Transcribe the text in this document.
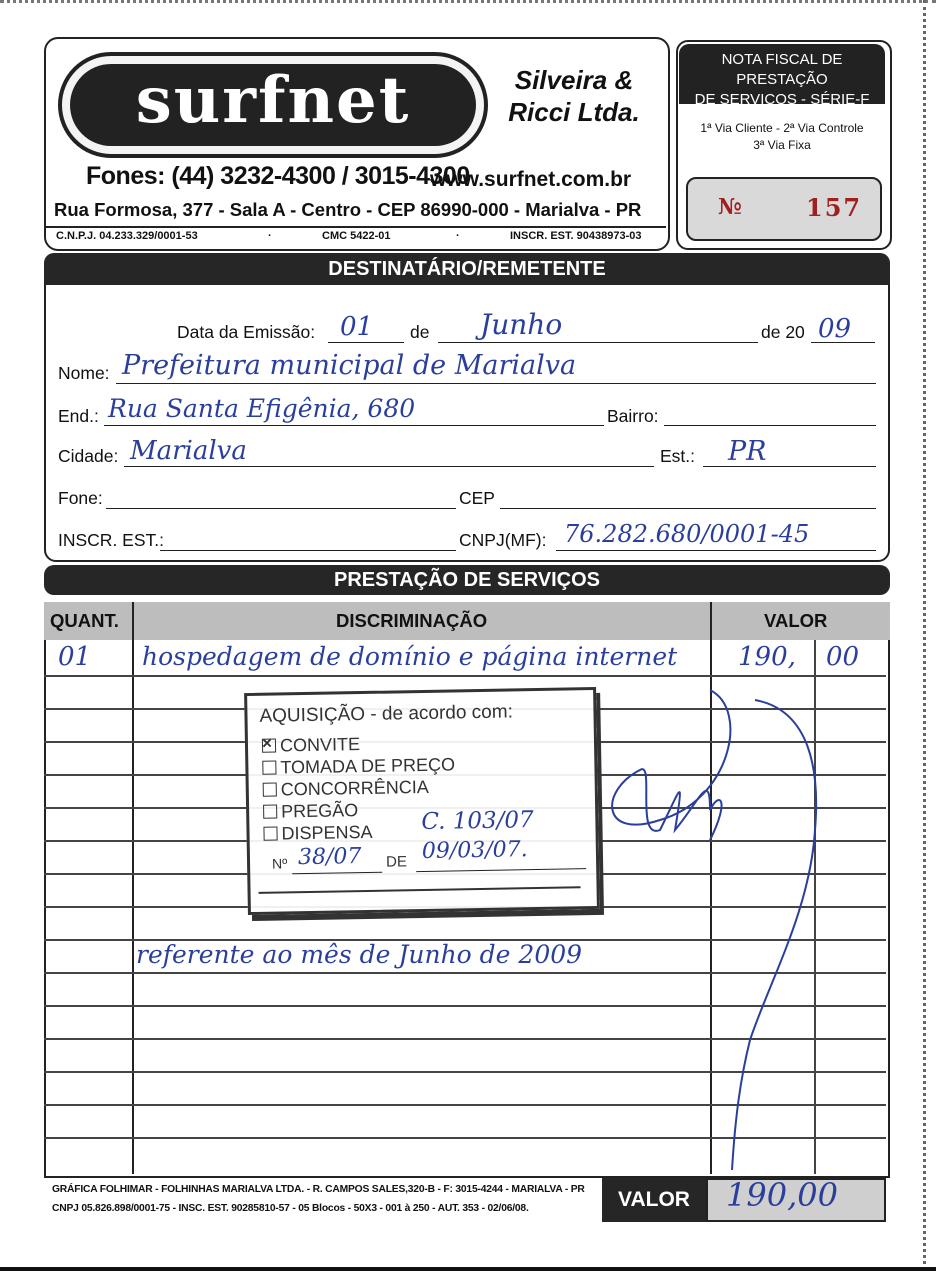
surfnet	Silveira &
Ricci Ltda.
Fones: (44) 3232-4300 / 3015-4300
www.surfnet.com.br
Rua Formosa, 377 - Sala A - Centro - CEP 86990-000 - Marialva - PR
C.N.P.J. 04.233.329/0001-53	·	CMC 5422-01	·	INSCR. EST. 90438973-03
NOTA FISCAL DE PRESTAÇÃO
DE SERVIÇOS - SÉRIE-F
1ª Via Cliente - 2ª Via Controle
3ª Via Fixa
№	157
DESTINATÁRIO/REMETENTE
Data da Emissão: 01 de Junho	de 20 09
Nome: Prefeitura municipal de Marialva
End.: Rua Santa Efigênia, 680	Bairro:
Cidade: Marialva	Est.: PR
Fone:	CEP
INSCR. EST.:	CNPJ(MF): 76.282.680/0001-45
PRESTAÇÃO DE SERVIÇOS
QUANT.	DISCRIMINAÇÃO	VALOR
01 hospedagem de domínio e página internet 190, 00
referente ao mês de Junho de 2009
AQUISIÇÃO - de acordo com:
×CONVITE
TOMADA DE PREÇO
CONCORRÊNCIA
PREGÃO
DISPENSA C. 103/07
Nº 38/07 DE 09/03/07.
GRÁFICA FOLHIMAR - FOLHINHAS MARIALVA LTDA. - R. CAMPOS SALES,320-B - F: 3015-4244 - MARIALVA - PR
CNPJ 05.826.898/0001-75 - INSC. EST. 90285810-57 - 05 Blocos - 50X3 - 001 à 250 - AUT. 353 - 02/06/08.	VALOR	190,00
